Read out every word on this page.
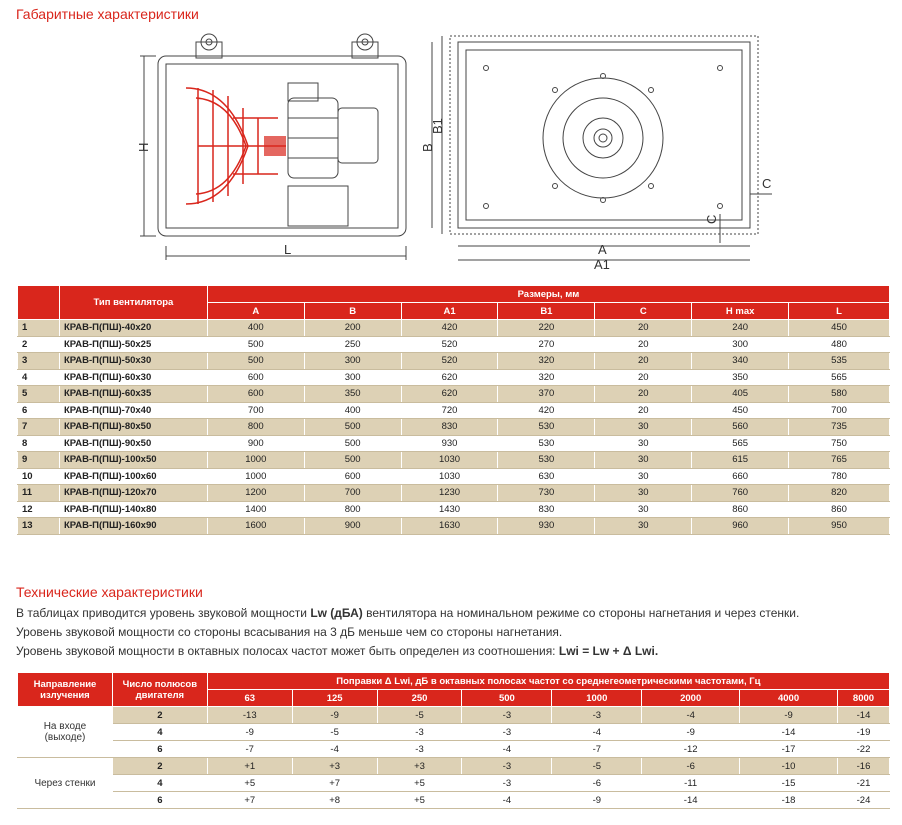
Габаритные характеристики
H
L
B
B1
A
A1
C
C
	Тип вентилятора	Размеры, мм						
		A	B	A1	B1	C	H max	L
1	КРАВ-П(ПШ)-40х20	400	200	420	220	20	240	450
2	КРАВ-П(ПШ)-50х25	500	250	520	270	20	300	480
3	КРАВ-П(ПШ)-50х30	500	300	520	320	20	340	535
4	КРАВ-П(ПШ)-60х30	600	300	620	320	20	350	565
5	КРАВ-П(ПШ)-60х35	600	350	620	370	20	405	580
6	КРАВ-П(ПШ)-70х40	700	400	720	420	20	450	700
7	КРАВ-П(ПШ)-80х50	800	500	830	530	30	560	735
8	КРАВ-П(ПШ)-90х50	900	500	930	530	30	565	750
9	КРАВ-П(ПШ)-100х50	1000	500	1030	530	30	615	765
10	КРАВ-П(ПШ)-100х60	1000	600	1030	630	30	660	780
11	КРАВ-П(ПШ)-120х70	1200	700	1230	730	30	760	820
12	КРАВ-П(ПШ)-140х80	1400	800	1430	830	30	860	860
13	КРАВ-П(ПШ)-160х90	1600	900	1630	930	30	960	950
Технические характеристики
В таблицах приводится уровень звуковой мощности Lw (дБА) вентилятора на номинальном режиме со стороны нагнетания и через стенки.
Уровень звуковой мощности со стороны всасывания на 3 дБ меньше чем со стороны нагнетания.
Уровень звуковой мощности в октавных полосах частот может быть определен из соотношения: Lwi = Lw + Δ Lwi.
Направление излучения	Число полюсов двигателя	Поправки Δ Lwi, дБ в октавных полосах частот со среднегеометрическими частотами, Гц							
		63	125	250	500	1000	2000	4000	8000
На входе (выходе)	2	-13	-9	-5	-3	-3	-4	-9	-14
	4	-9	-5	-3	-3	-4	-9	-14	-19
	6	-7	-4	-3	-4	-7	-12	-17	-22
Через стенки	2	+1	+3	+3	-3	-5	-6	-10	-16
	4	+5	+7	+5	-3	-6	-11	-15	-21
	6	+7	+8	+5	-4	-9	-14	-18	-24
